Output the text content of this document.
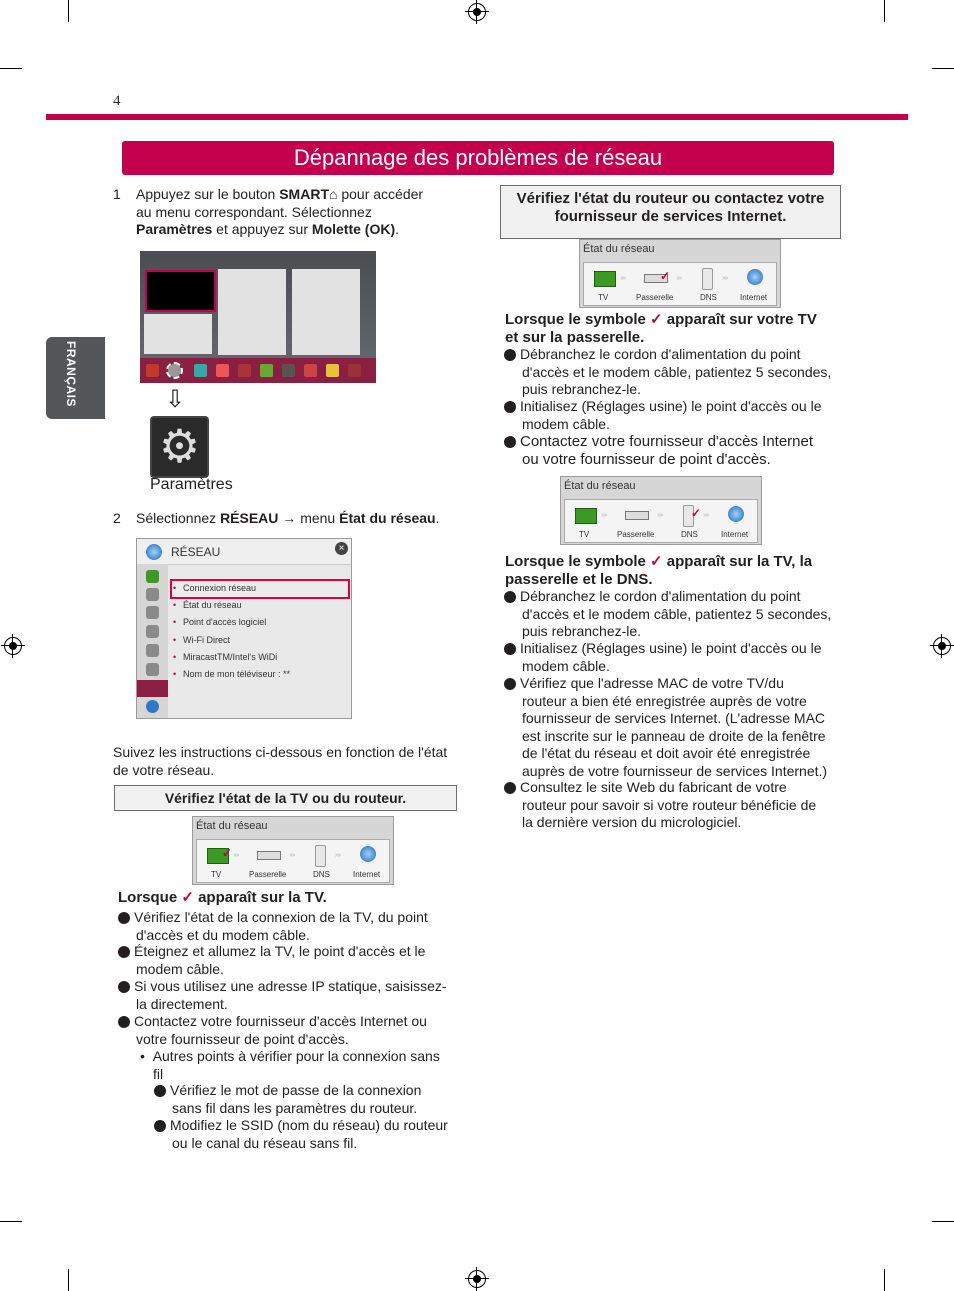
4
Dépannage des problèmes de réseau
FRANÇAIS
1 Appuyez sur le bouton SMART⌂ pour accéder
au menu correspondant. Sélectionnez
Paramètres et appuyez sur Molette (OK).
⇩
⚙
Paramètres
2 Sélectionnez RÉSEAU → menu État du réseau.
RÉSEAU	×
• Connexion réseau
• État du réseau
• Point d'accès logiciel
• Wi-Fi Direct
• MiracastTM/Intel's WiDi
• Nom de mon téléviseur : **
Suivez les instructions ci-dessous en fonction de l'état
de votre réseau.
Vérifiez l'état de la TV ou du routeur.
État du réseau
✓ ››››	››››	››››
TV	Passerelle	DNS	Internet
Lorsque ✓ apparaît sur la TV.
1 Vérifiez l'état de la connexion de la TV, du point
d'accès et du modem câble.
2 Éteignez et allumez la TV, le point d'accès et le
modem câble.
3 Si vous utilisez une adresse IP statique, saisissez-
la directement.
4 Contactez votre fournisseur d'accès Internet ou
votre fournisseur de point d'accès.
•  Autres points à vérifier pour la connexion sans
fil
1 Vérifiez le mot de passe de la connexion
sans fil dans les paramètres du routeur.
2 Modifiez le SSID (nom du réseau) du routeur
ou le canal du réseau sans fil.
Vérifiez l'état du routeur ou contactez votre
fournisseur de services Internet.
État du réseau
››››	✓ ››››	››››
TV	Passerelle	DNS	Internet
Lorsque le symbole ✓ apparaît sur votre TV
et sur la passerelle.
1 Débranchez le cordon d'alimentation du point
d'accès et le modem câble, patientez 5 secondes,
puis rebranchez-le.
2 Initialisez (Réglages usine) le point d'accès ou le
modem câble.
3 Contactez votre fournisseur d'accès Internet
ou votre fournisseur de point d'accès.
État du réseau
››››	›››› ✓ ››››
TV	Passerelle	DNS	Internet
Lorsque le symbole ✓ apparaît sur la TV, la
passerelle et le DNS.
1 Débranchez le cordon d'alimentation du point
d'accès et le modem câble, patientez 5 secondes,
puis rebranchez-le.
2 Initialisez (Réglages usine) le point d'accès ou le
modem câble.
3 Vérifiez que l'adresse MAC de votre TV/du
routeur a bien été enregistrée auprès de votre
fournisseur de services Internet. (L'adresse MAC
est inscrite sur le panneau de droite de la fenêtre
de l'état du réseau et doit avoir été enregistrée
auprès de votre fournisseur de services Internet.)
4 Consultez le site Web du fabricant de votre
routeur pour savoir si votre routeur bénéficie de
la dernière version du micrologiciel.
